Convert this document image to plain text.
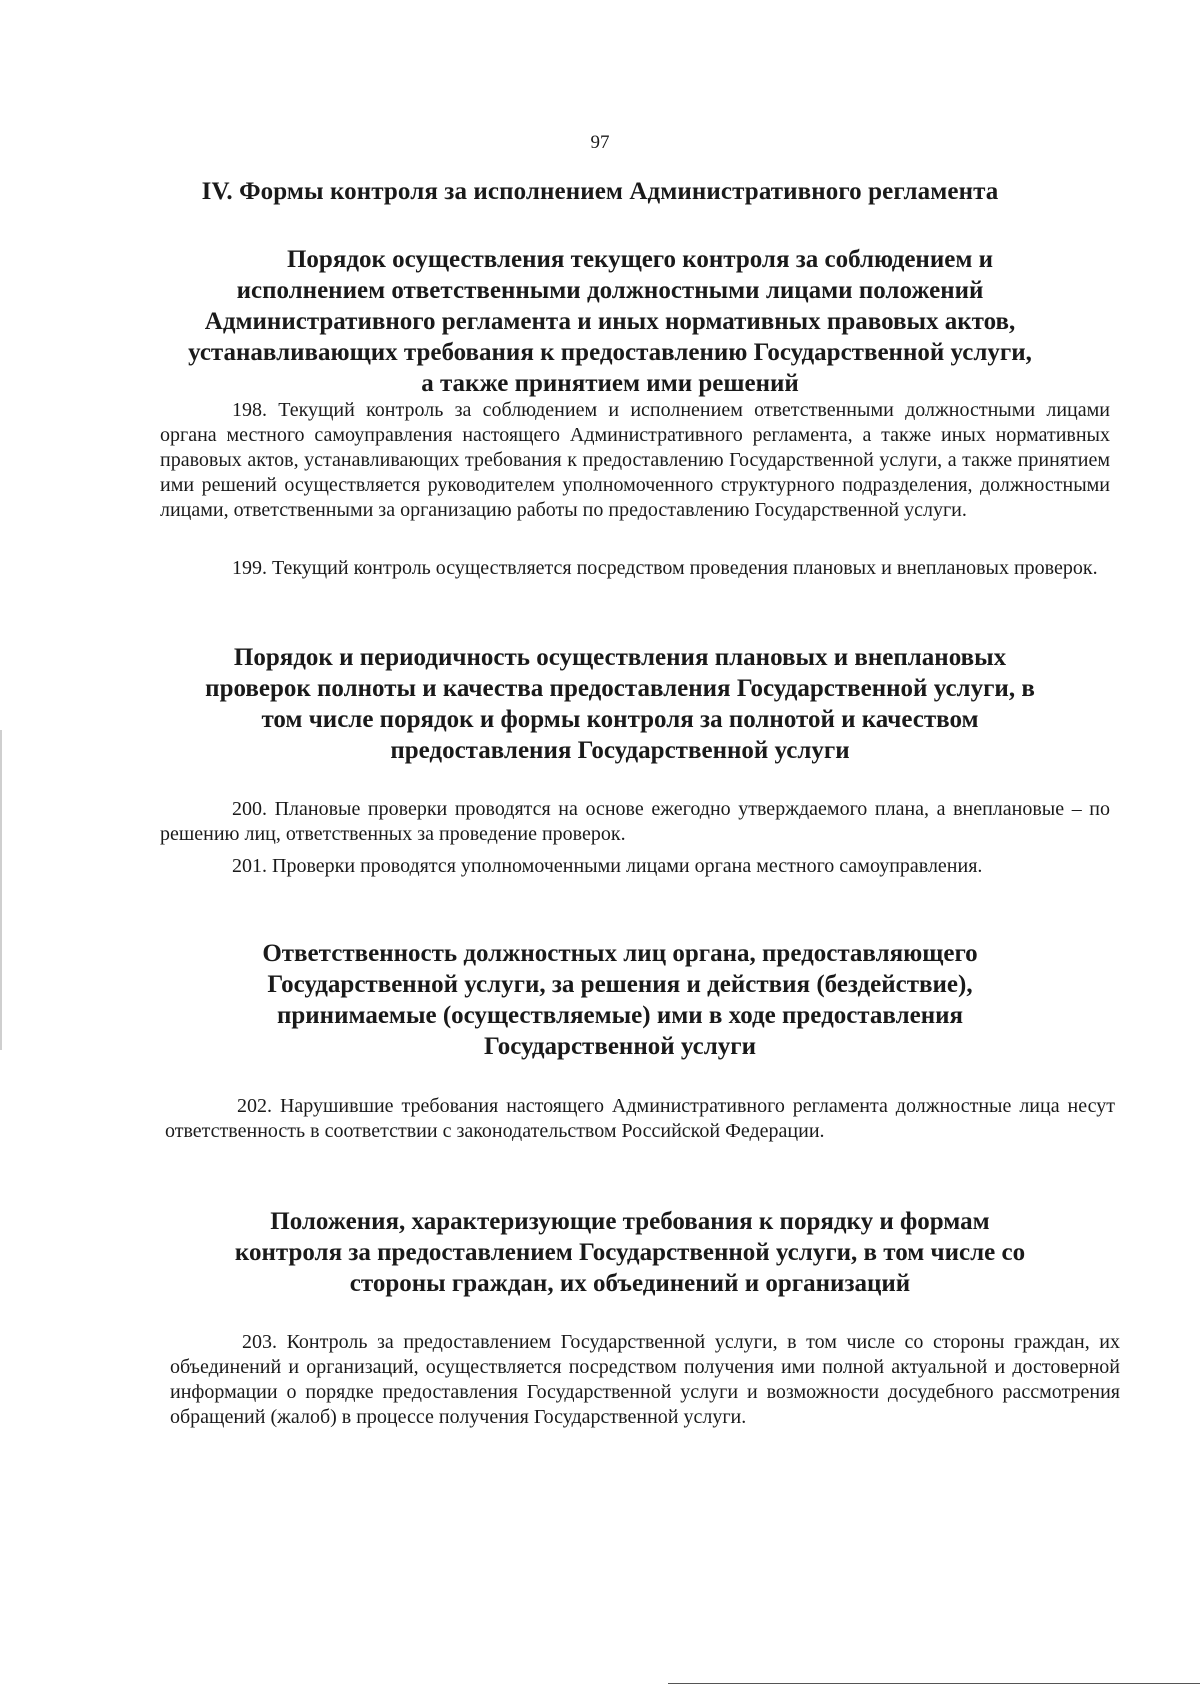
97
IV. Формы контроля за исполнением Административного регламента
Порядок осуществления текущего контроля за соблюдением и
исполнением ответственными должностными лицами положений
Административного регламента и иных нормативных правовых актов,
устанавливающих требования к предоставлению Государственной услуги,
а также принятием ими решений
198. Текущий контроль за соблюдением и исполнением ответственными должностными лицами органа местного самоуправления настоящего Административного регламента, а также иных нормативных правовых актов, устанавливающих требования к предоставлению Государственной услуги, а также принятием ими решений осуществляется руководителем уполномоченного структурного подразделения, должностными лицами, ответственными за организацию работы по предоставлению Государственной услуги.
199. Текущий контроль осуществляется посредством проведения плановых и внеплановых проверок.
Порядок и периодичность осуществления плановых и внеплановых
проверок полноты и качества предоставления Государственной услуги, в
том числе порядок и формы контроля за полнотой и качеством
предоставления Государственной услуги
200. Плановые проверки проводятся на основе ежегодно утверждаемого плана, а внеплановые – по решению лиц, ответственных за проведение проверок.
201. Проверки проводятся уполномоченными лицами органа местного самоуправления.
Ответственность должностных лиц органа, предоставляющего
Государственной услуги, за решения и действия (бездействие),
принимаемые (осуществляемые) ими в ходе предоставления
Государственной услуги
202. Нарушившие требования настоящего Административного регламента должностные лица несут ответственность в соответствии с законодательством Российской Федерации.
Положения, характеризующие требования к порядку и формам
контроля за предоставлением Государственной услуги, в том числе со
стороны граждан, их объединений и организаций
203. Контроль за предоставлением Государственной услуги, в том числе со стороны граждан, их объединений и организаций, осуществляется посредством получения ими полной актуальной и достоверной информации о порядке предоставления Государственной услуги и возможности досудебного рассмотрения обращений (жалоб) в процессе получения Государственной услуги.
